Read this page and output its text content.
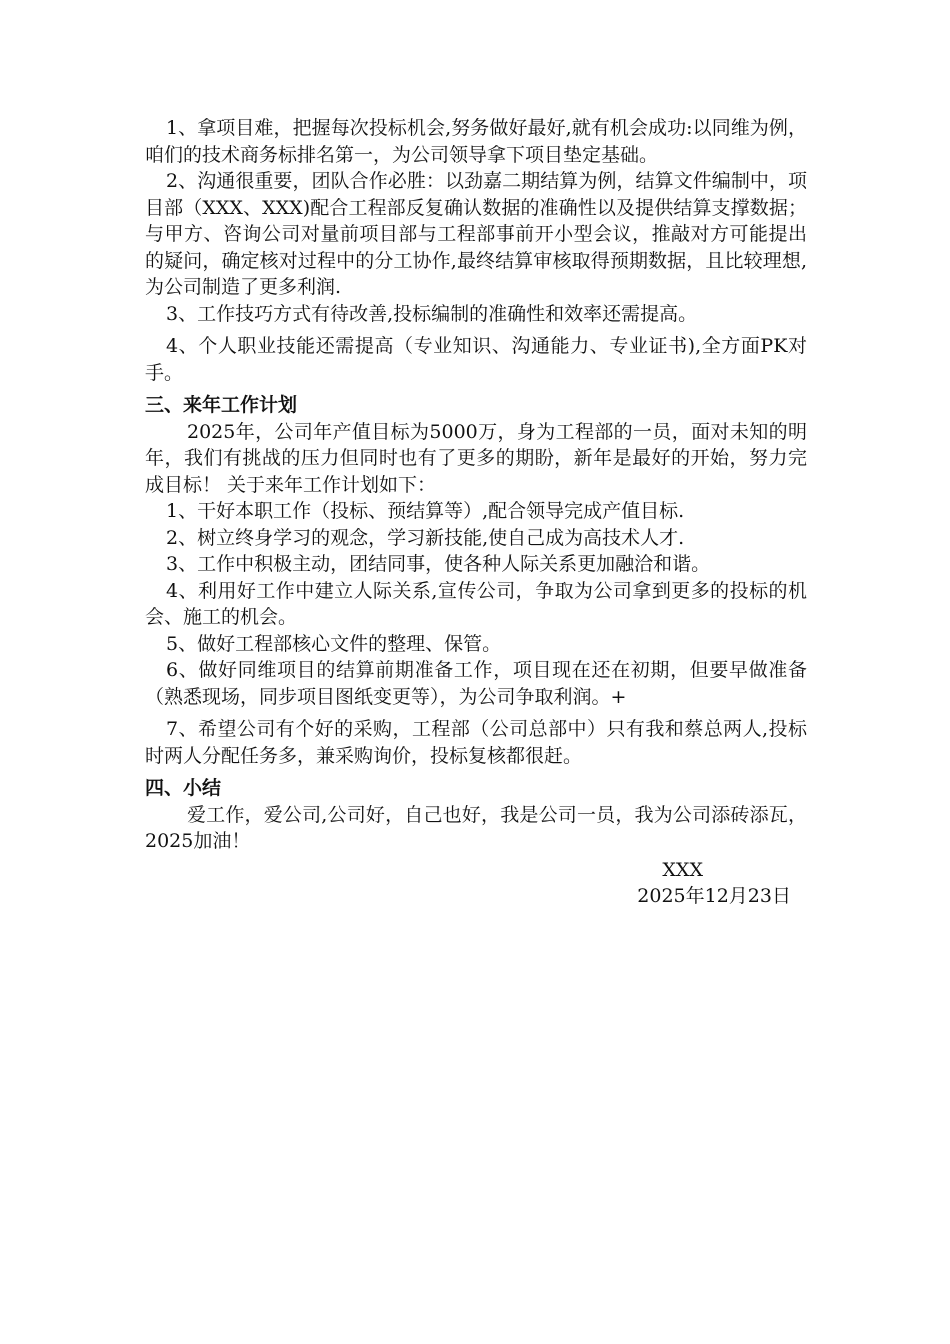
1、拿项目难，把握每次投标机会,努务做好最好,就有机会成功:以同维为例，咱们的技术商务标排名第一，为公司领导拿下项目垫定基础。

2、沟通很重要，团队合作必胜：以劲嘉二期结算为例，结算文件编制中，项目部（XXX、XXX)配合工程部反复确认数据的准确性以及提供结算支撑数据；与甲方、咨询公司对量前项目部与工程部事前开小型会议，推敲对方可能提出的疑问，确定核对过程中的分工协作,最终结算审核取得预期数据，且比较理想,为公司制造了更多利润.

3、工作技巧方式有待改善,投标编制的准确性和效率还需提高。

4、个人职业技能还需提高（专业知识、沟通能力、专业证书),全方面PK对手。

三、来年工作计划

2025年，公司年产值目标为5000万，身为工程部的一员，面对未知的明年，我们有挑战的压力但同时也有了更多的期盼，新年是最好的开始，努力完成目标！ 关于来年工作计划如下：

1、干好本职工作（投标、预结算等）,配合领导完成产值目标.

2、树立终身学习的观念，学习新技能,使自己成为高技术人才.

3、工作中积极主动，团结同事，使各种人际关系更加融洽和谐。

4、利用好工作中建立人际关系,宣传公司，争取为公司拿到更多的投标的机会、施工的机会。

5、做好工程部核心文件的整理、保管。

6、做好同维项目的结算前期准备工作，项目现在还在初期，但要早做准备（熟悉现场，同步项目图纸变更等），为公司争取利润。+

7、希望公司有个好的采购，工程部（公司总部中）只有我和蔡总两人,投标时两人分配任务多，兼采购询价，投标复核都很赶。

四、小结

爱工作，爱公司,公司好，自己也好，我是公司一员，我为公司添砖添瓦，2025加油！

XXX

2025年12月23日
